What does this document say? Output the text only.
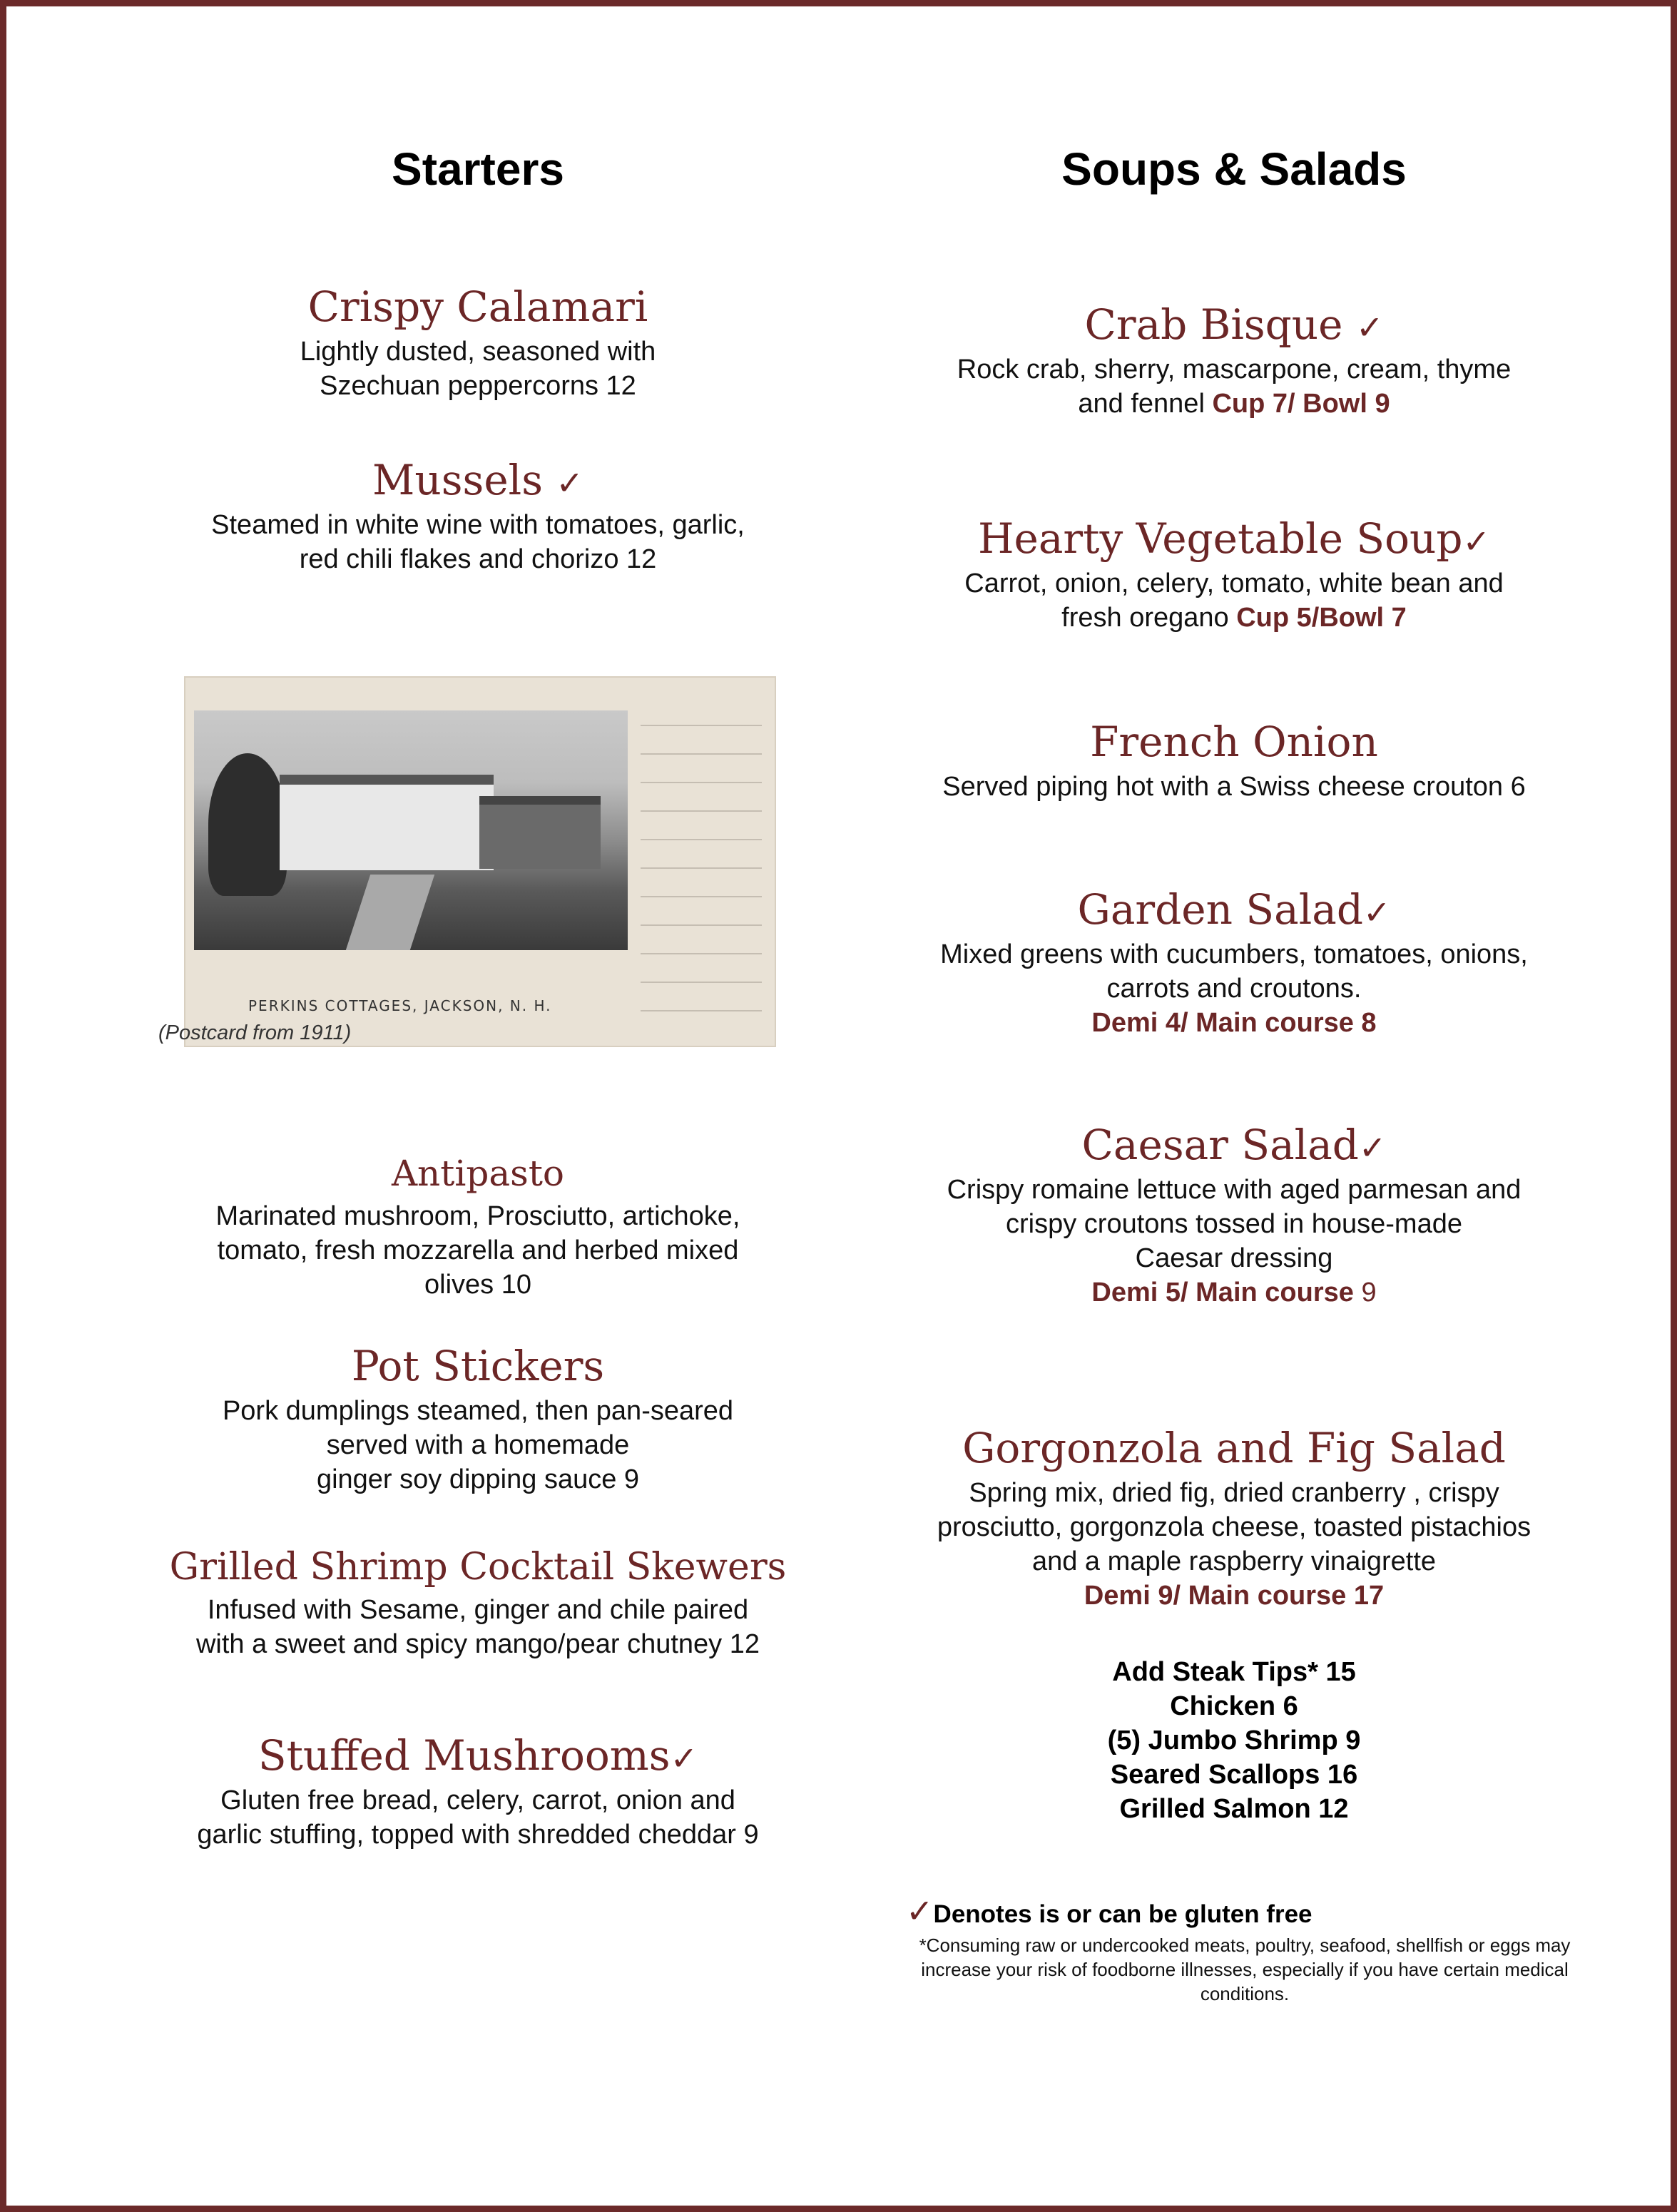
Starters
Crispy Calamari
Lightly dusted, seasoned with
Szechuan peppercorns 12
Mussels ✓
Steamed in white wine with tomatoes, garlic,
red chili flakes and chorizo 12
Antipasto
Marinated mushroom, Prosciutto, artichoke,
tomato, fresh mozzarella and herbed mixed
olives 10
Pot Stickers
Pork dumplings steamed, then pan-seared
served with a homemade
ginger soy dipping sauce 9
Grilled Shrimp Cocktail Skewers
Infused with Sesame, ginger and chile paired
with a sweet and spicy mango/pear chutney 12
Stuffed Mushrooms✓
Gluten free bread, celery, carrot, onion and
garlic stuffing, topped with shredded cheddar 9
PERKINS COTTAGES, JACKSON, N. H.
(Postcard from 1911)
Soups & Salads
Crab Bisque ✓
Rock crab, sherry, mascarpone, cream, thyme
and fennel Cup 7/ Bowl 9
Hearty Vegetable Soup✓
Carrot, onion, celery, tomato, white bean and
fresh oregano Cup 5/Bowl 7
French Onion
Served piping hot with a Swiss cheese crouton 6
Garden Salad✓
Mixed greens with cucumbers, tomatoes, onions,
carrots and croutons.
Demi 4/ Main course 8
Caesar Salad✓
Crispy romaine lettuce with aged parmesan and
crispy croutons tossed in house-made
Caesar dressing
Demi 5/ Main course 9
Gorgonzola and Fig Salad
Spring mix, dried fig, dried cranberry , crispy
prosciutto, gorgonzola cheese, toasted pistachios
and a maple raspberry vinaigrette
Demi 9/ Main course 17
Add Steak Tips* 15
Chicken 6
(5) Jumbo Shrimp 9
Seared Scallops 16
Grilled Salmon 12
✓Denotes is or can be gluten free
*Consuming raw or undercooked meats, poultry, seafood, shellfish or eggs may increase your risk of foodborne illnesses, especially if you have certain medical conditions.
